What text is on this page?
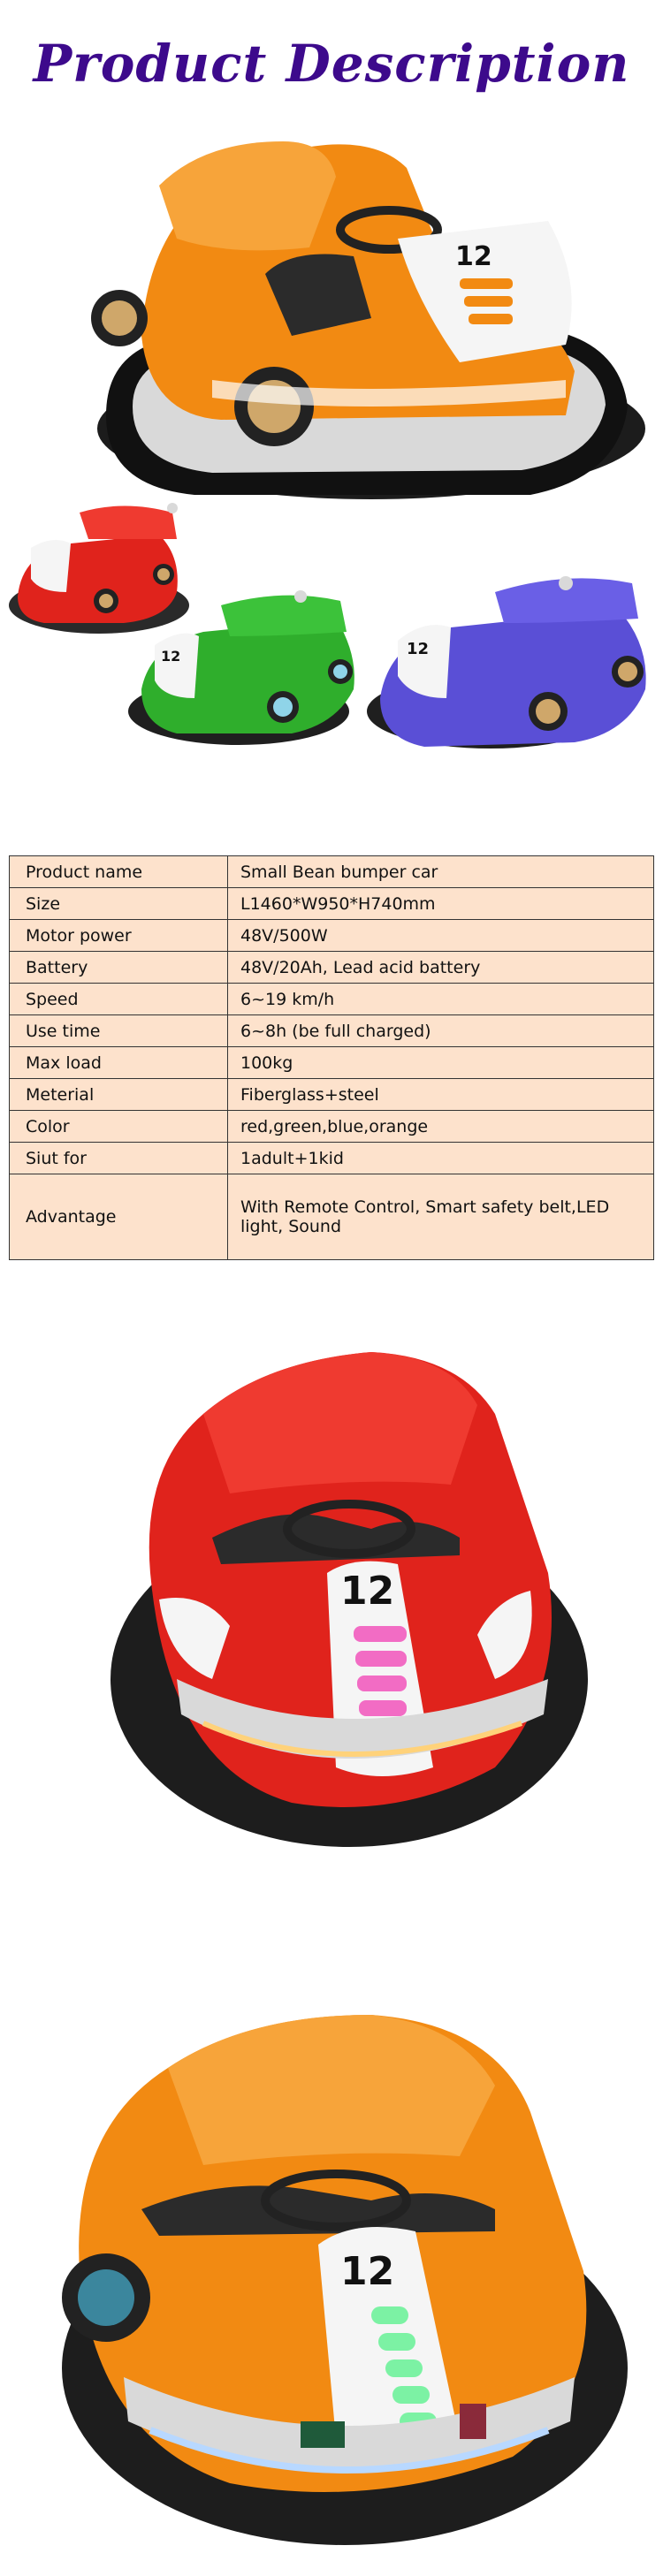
Product Description
12
12	12
Product name	Small Bean bumper car
Size	L1460*W950*H740mm
Motor power	48V/500W
Battery	48V/20Ah, Lead acid battery
Speed	6~19 km/h
Use time	6~8h (be full charged)
Max load	100kg
Meterial	Fiberglass+steel
Color	red,green,blue,orange
Siut for	1adult+1kid
Advantage	With Remote Control, Smart safety belt,LED light, Sound
12
12
